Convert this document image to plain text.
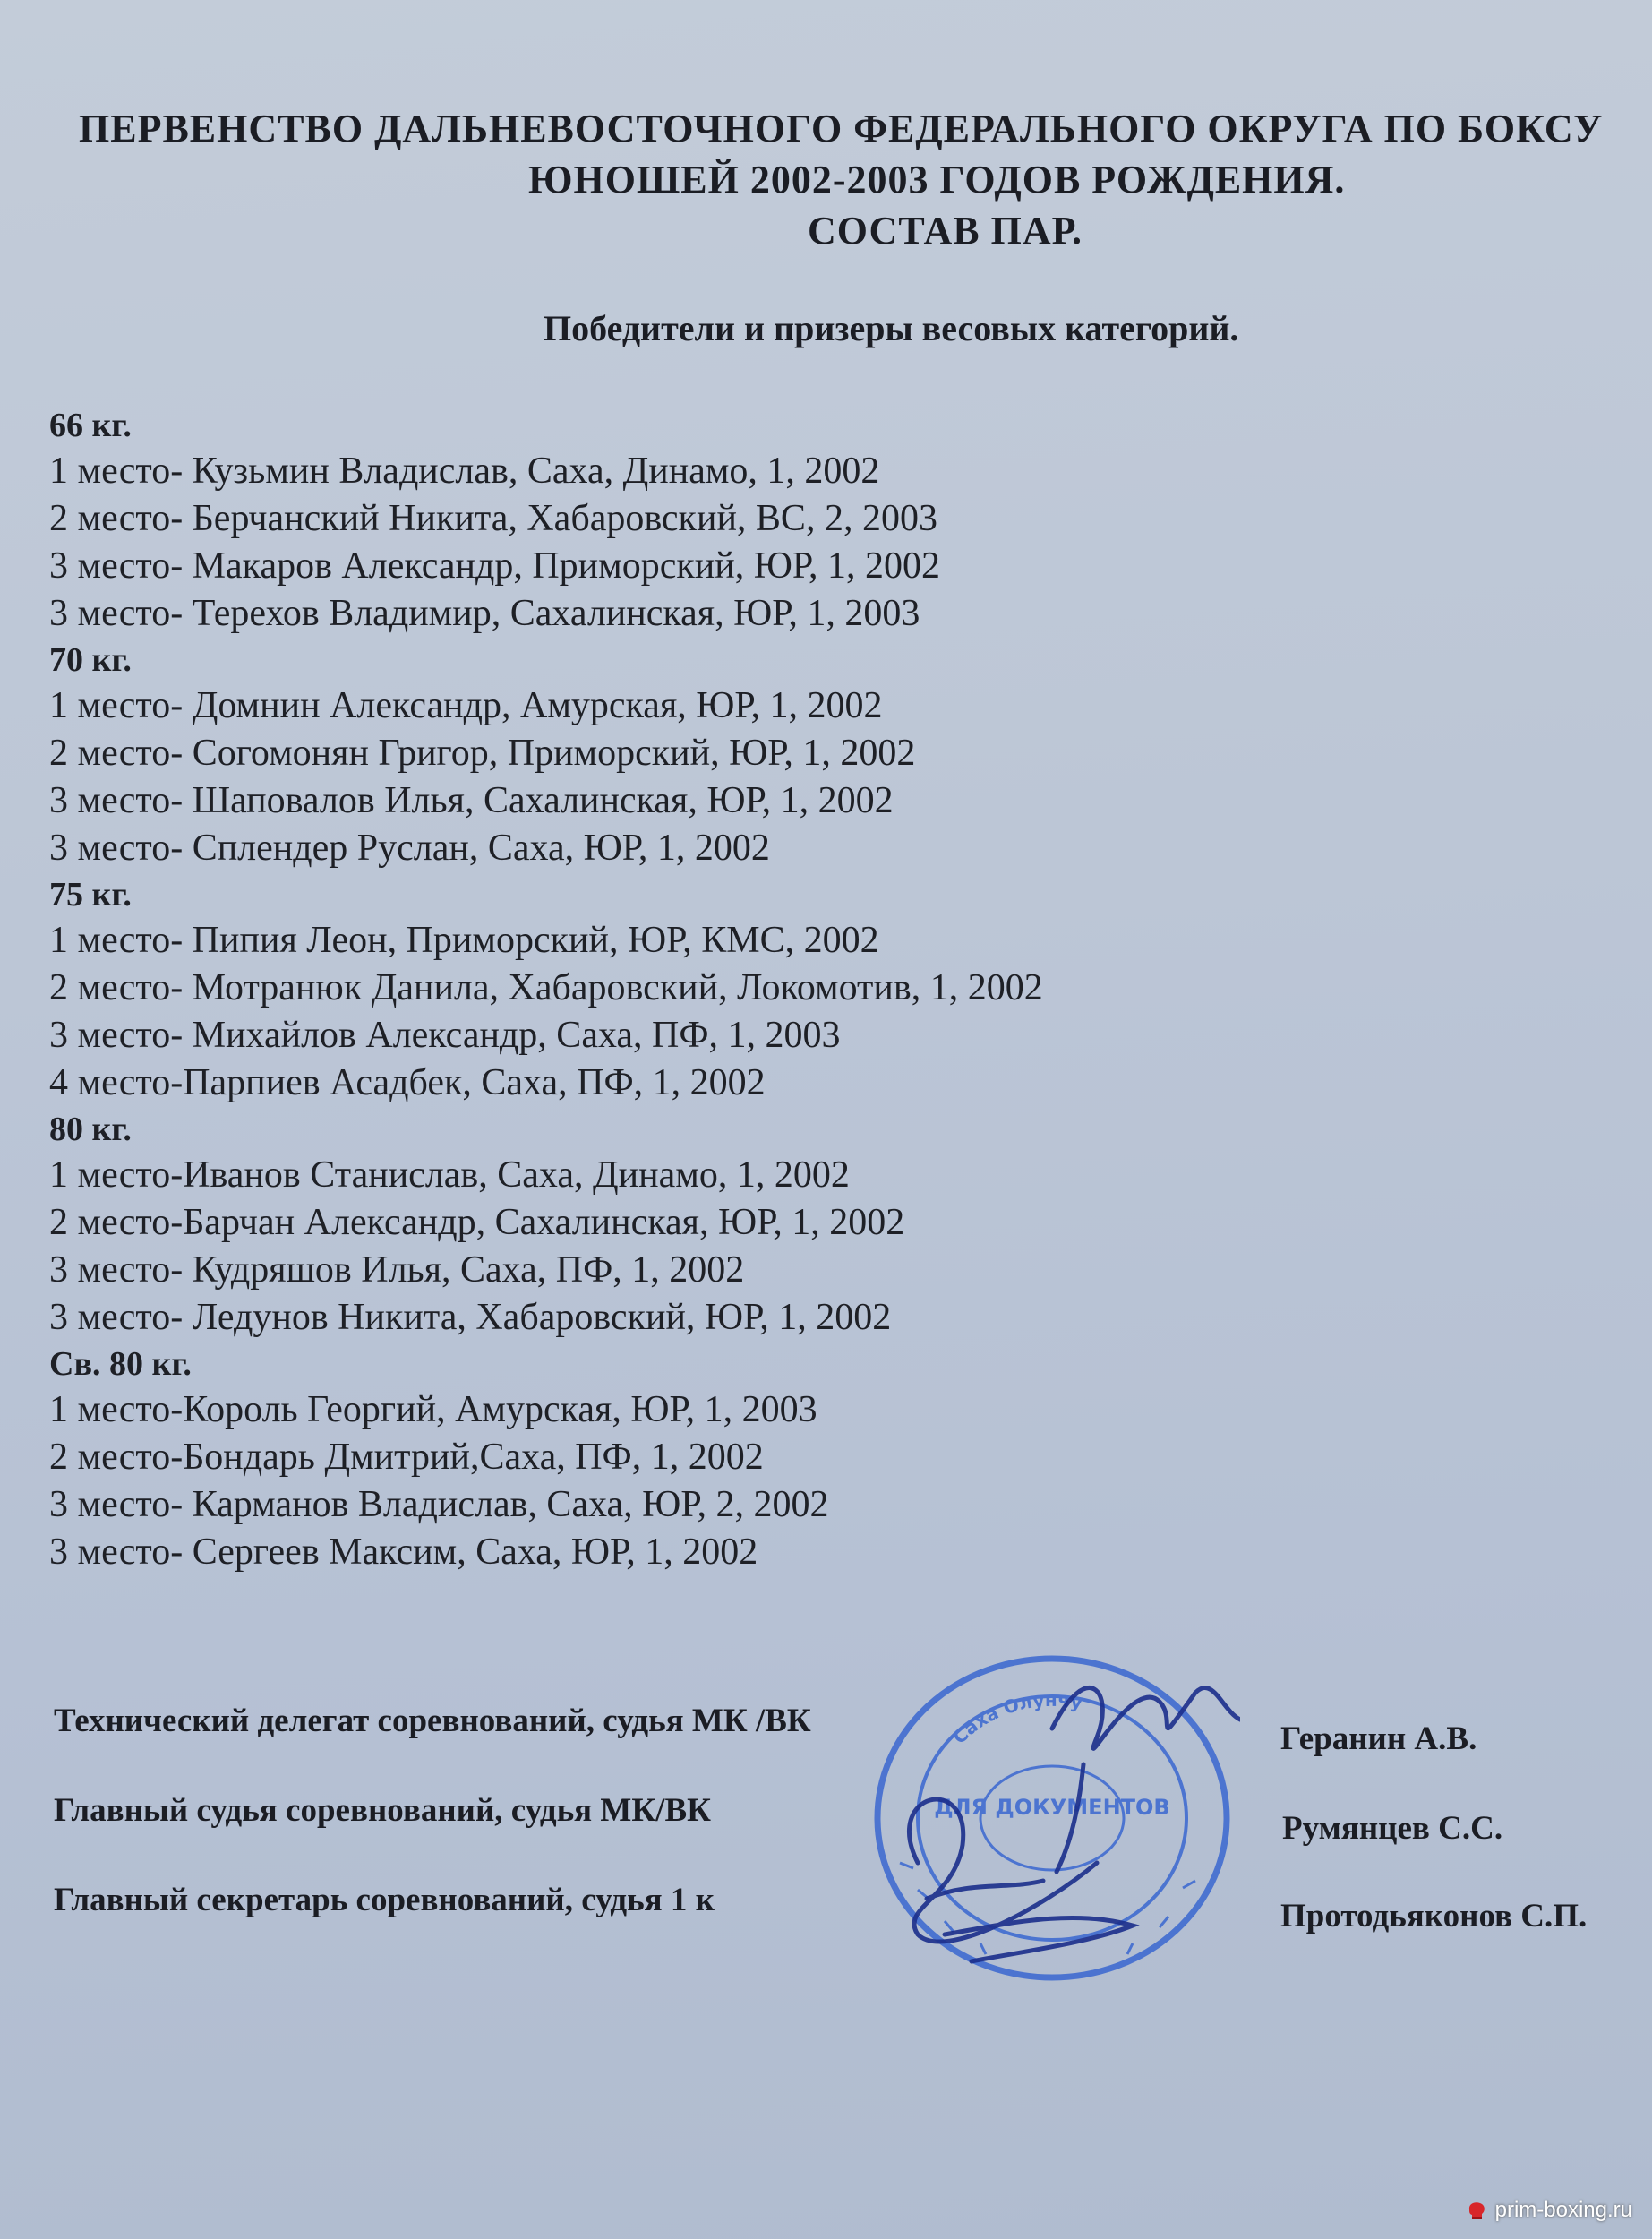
ПЕРВЕНСТВО ДАЛЬНЕВОСТОЧНОГО ФЕДЕРАЛЬНОГО ОКРУГА ПО БОКСУ
ЮНОШЕЙ 2002-2003 ГОДОВ РОЖДЕНИЯ.
СОСТАВ ПАР.
Победители и призеры весовых категорий.
66 кг.
1 место- Кузьмин Владислав, Саха, Динамо, 1, 2002
2 место- Берчанский Никита, Хабаровский, ВС, 2, 2003
3 место- Макаров Александр, Приморский, ЮР, 1, 2002
3 место- Терехов Владимир, Сахалинская, ЮР, 1, 2003
70 кг.
1 место- Домнин Александр, Амурская, ЮР, 1, 2002
2 место- Согомонян Григор, Приморский, ЮР, 1, 2002
3 место- Шаповалов Илья, Сахалинская, ЮР, 1, 2002
3 место- Сплендер Руслан, Саха, ЮР, 1, 2002
75 кг.
1 место- Пипия Леон, Приморский, ЮР, КМС, 2002
2 место- Мотранюк Данила, Хабаровский, Локомотив, 1, 2002
3 место- Михайлов Александр, Саха, ПФ, 1, 2003
4 место-Парпиев Асадбек, Саха, ПФ, 1, 2002
80 кг.
1 место-Иванов Станислав, Саха, Динамо, 1, 2002
2 место-Барчан Александр, Сахалинская, ЮР, 1, 2002
3 место- Кудряшов Илья, Саха, ПФ, 1, 2002
3 место- Ледунов Никита, Хабаровский, ЮР, 1, 2002
Св. 80 кг.
1 место-Король Георгий, Амурская, ЮР, 1, 2003
2 место-Бондарь Дмитрий,Саха, ПФ, 1, 2002
3 место- Карманов Владислав, Саха, ЮР, 2, 2002
3 место- Сергеев Максим, Саха, ЮР, 1, 2002
Технический делегат соревнований, судья МК /ВК	Геранин А.В.
Главный судья соревнований, судья МК/ВК	Румянцев С.С.
Главный секретарь соревнований, судья 1 к	Протодьяконов С.П.
Саха Олунчу
ДЛЯ ДОКУМЕНТОВ
prim-boxing.ru
